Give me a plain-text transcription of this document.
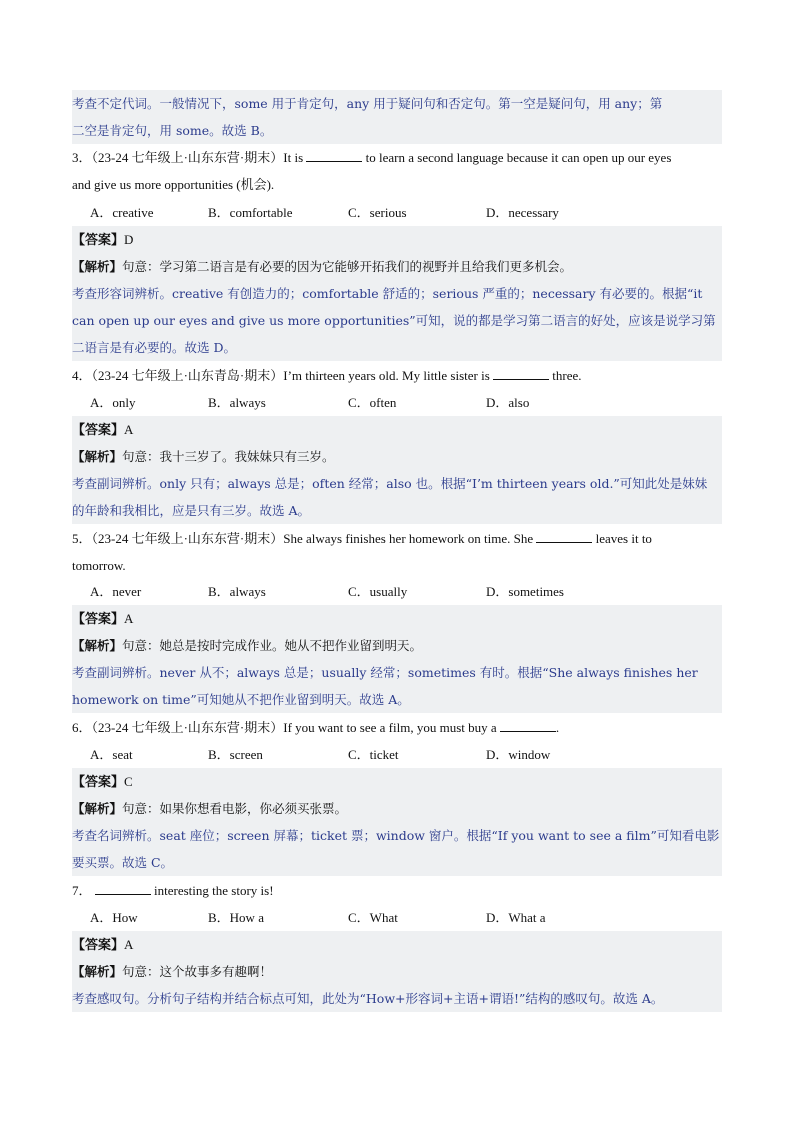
考查不定代词。一般情况下，some 用于肯定句，any 用于疑问句和否定句。第一空是疑问句，用 any；第
二空是肯定句，用 some。故选 B。
3．（23-24 七年级上·山东东营·期末）It is	to learn a second language because it can open up our eyes
and give us more opportunities (机会).
A．creative	B．comfortable	C．serious	D．necessary
【答案】D
【解析】句意：学习第二语言是有必要的因为它能够开拓我们的视野并且给我们更多机会。
考查形容词辨析。creative 有创造力的；comfortable 舒适的；serious 严重的；necessary 有必要的。根据“it
can open up our eyes and give us more opportunities”可知，说的都是学习第二语言的好处，应该是说学习第
二语言是有必要的。故选 D。
4．（23-24 七年级上·山东青岛·期末）I’m thirteen years old. My little sister is	three.
A．only	B．always	C．often	D．also
【答案】A
【解析】句意：我十三岁了。我妹妹只有三岁。
考查副词辨析。only 只有；always 总是；often 经常；also 也。根据“I’m thirteen years old.”可知此处是妹妹
的年龄和我相比，应是只有三岁。故选 A。
5．（23-24 七年级上·山东东营·期末）She always finishes her homework on time. She	leaves it to
tomorrow.
A．never	B．always	C．usually	D．sometimes
【答案】A
【解析】句意：她总是按时完成作业。她从不把作业留到明天。
考查副词辨析。never 从不；always 总是；usually 经常；sometimes 有时。根据“She always finishes her
homework on time”可知她从不把作业留到明天。故选 A。
6．（23-24 七年级上·山东东营·期末）If you want to see a film, you must buy a	.
A．seat	B．screen	C．ticket	D．window
【答案】C
【解析】句意：如果你想看电影，你必须买张票。
考查名词辨析。seat 座位；screen 屏幕；ticket 票；window 窗户。根据“If you want to see a film”可知看电影
要买票。故选 C。
7．	interesting the story is!
A．How	B．How a	C．What	D．What a
【答案】A
【解析】句意：这个故事多有趣啊！
考查感叹句。分析句子结构并结合标点可知，此处为“How+形容词+主语+谓语!”结构的感叹句。故选 A。
